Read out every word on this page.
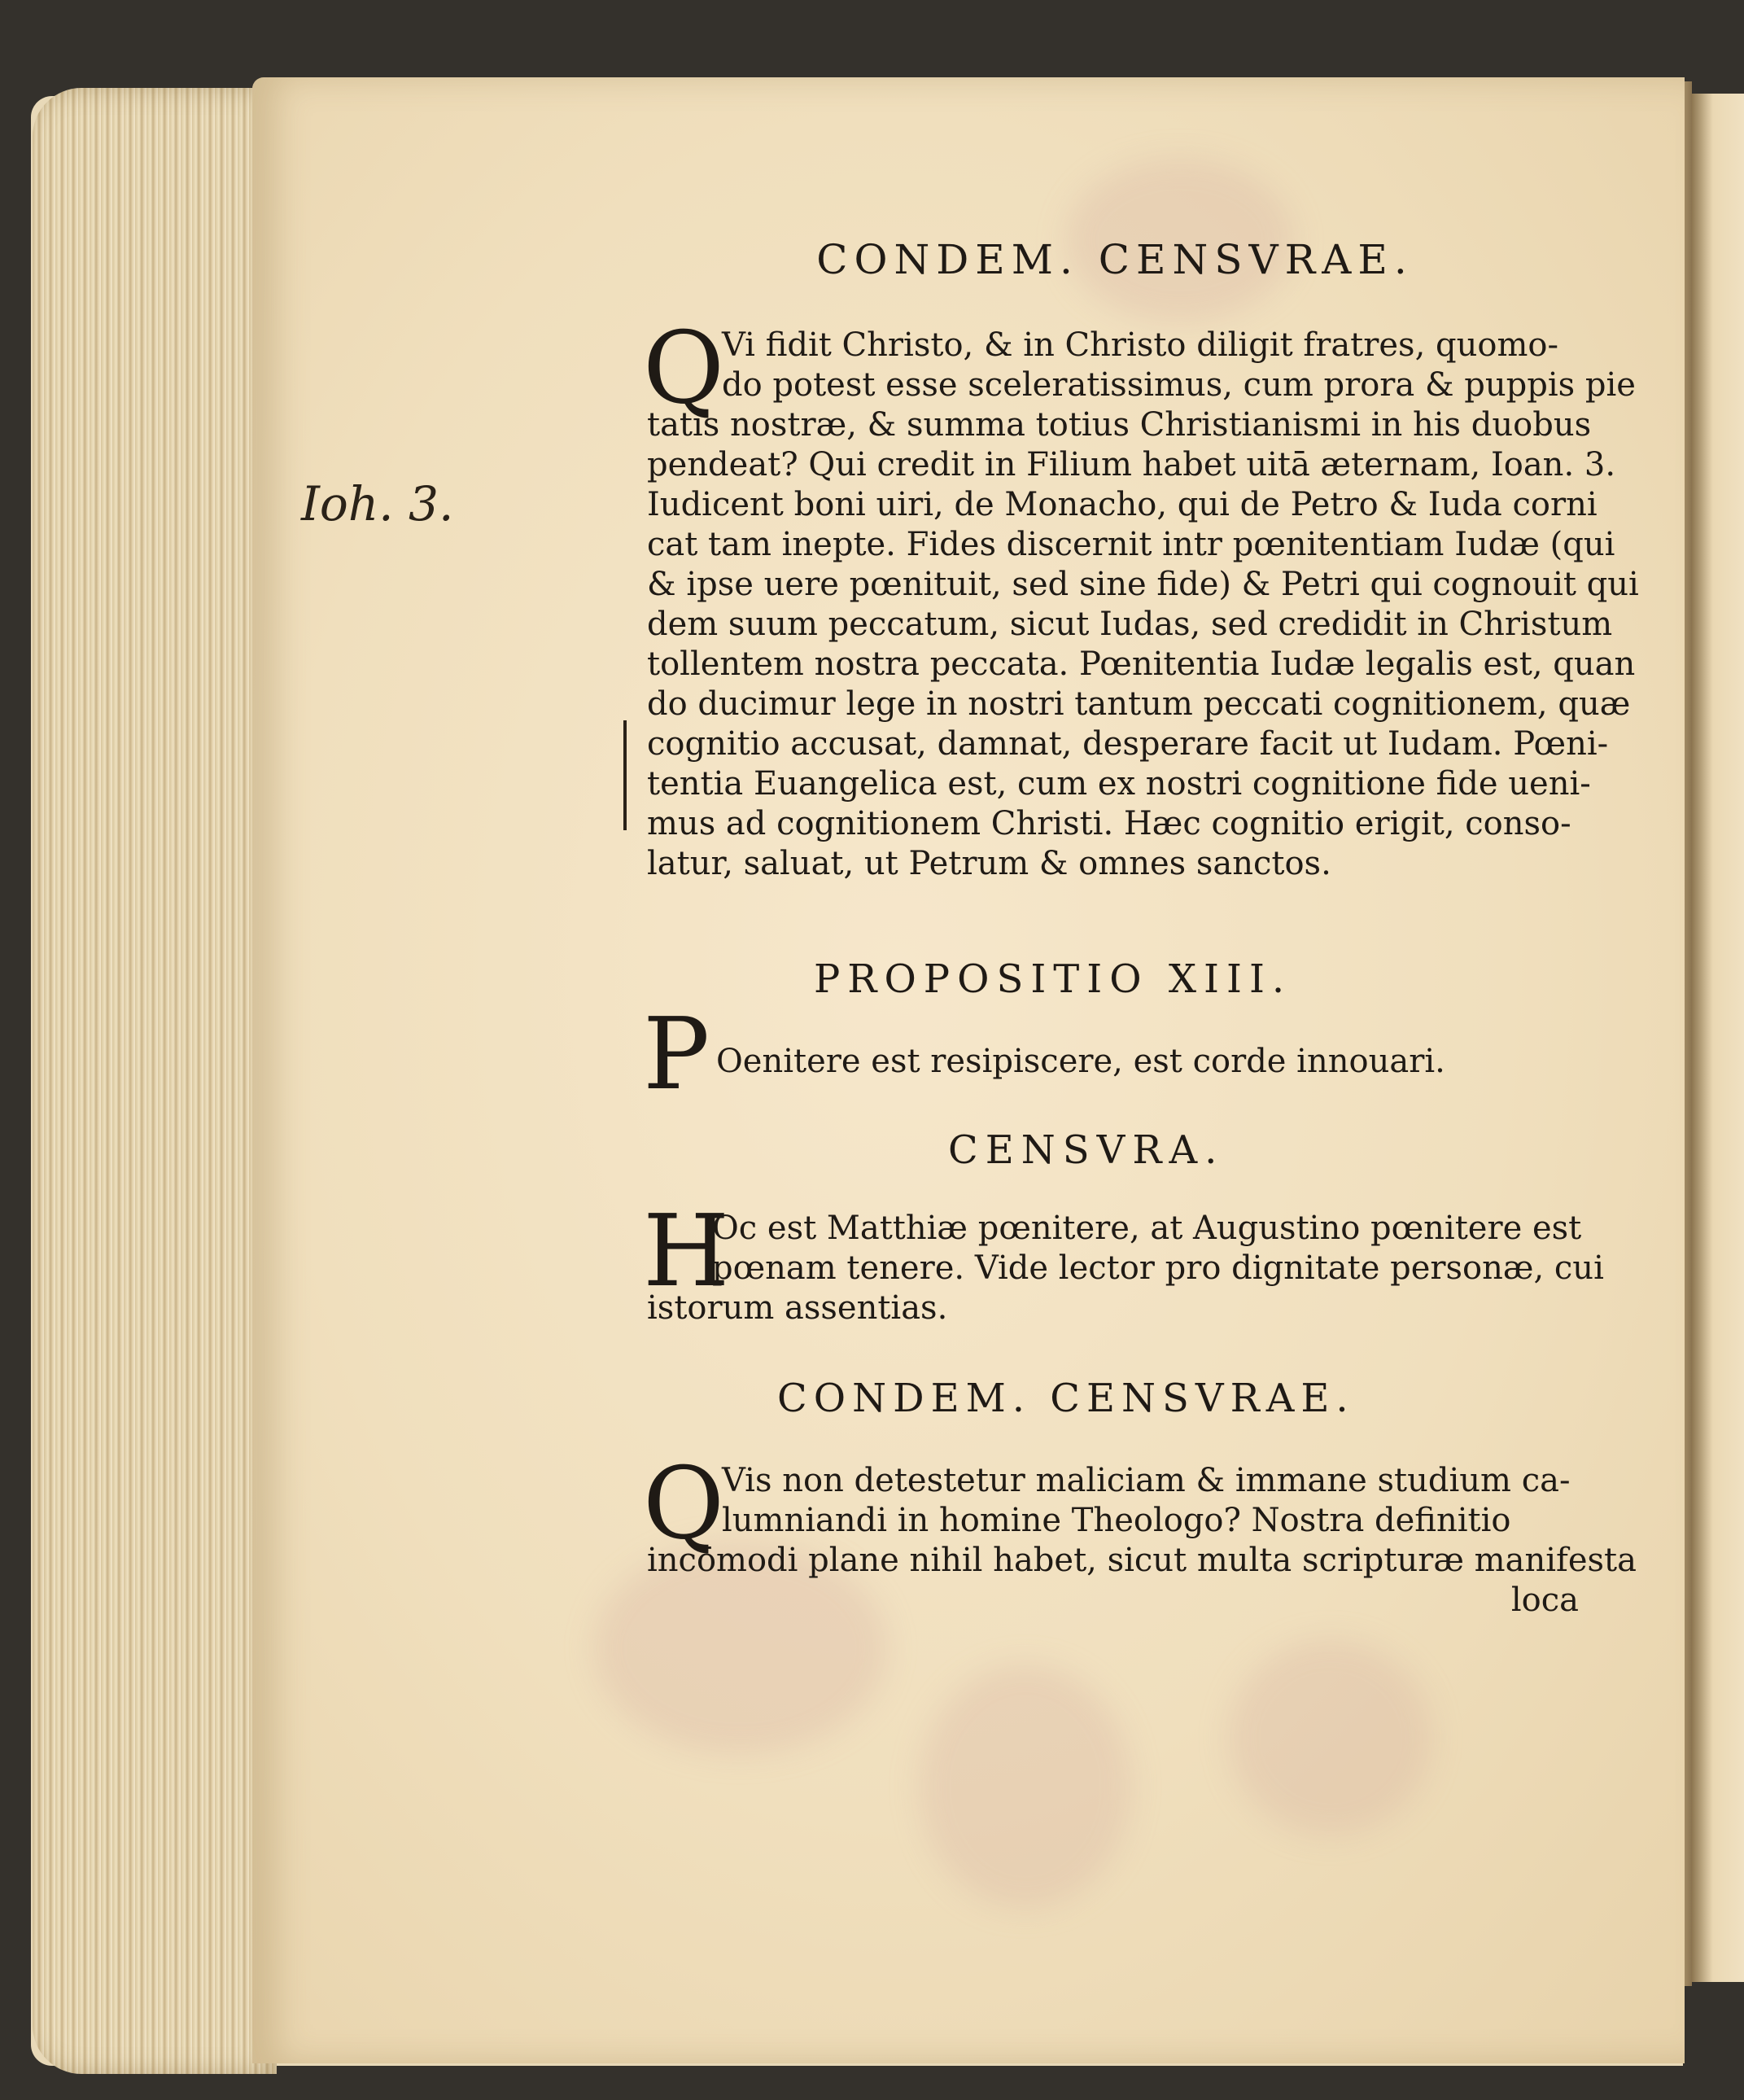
CONDEM. CENSVRAE.
Ioh. 3.
Q
Vi fidit Christo, & in Christo diligit fratres, quomo-
do potest esse sceleratissimus, cum prora & puppis pie
tatis nostræ, & summa totius Christianismi in his duobus
pendeat? Qui credit in Filium habet uitā æternam, Ioan. 3.
Iudicent boni uiri, de Monacho, qui de Petro & Iuda corni
cat tam inepte. Fides discernit intr pœnitentiam Iudæ (qui
& ipse uere pœnituit, sed sine fide) & Petri qui cognouit qui
dem suum peccatum, sicut Iudas, sed credidit in Christum
tollentem nostra peccata. Pœnitentia Iudæ legalis est, quan
do ducimur lege in nostri tantum peccati cognitionem, quæ
cognitio accusat, damnat, desperare facit ut Iudam. Pœni-
tentia Euangelica est, cum ex nostri cognitione fide ueni-
mus ad cognitionem Christi. Hæc cognitio erigit, conso-
latur, saluat, ut Petrum & omnes sanctos.
PROPOSITIO XIII.
P Oenitere est resipiscere, est corde innouari.
CENSVRA.
H
Oc est Matthiæ pœnitere, at Augustino pœnitere est
pœnam tenere. Vide lector pro dignitate personæ, cui
istorum assentias.
CONDEM. CENSVRAE.
Q
Vis non detestetur maliciam & immane studium ca-
lumniandi in homine Theologo? Nostra definitio
incōmodi plane nihil habet, sicut multa scripturæ manifesta
loca
